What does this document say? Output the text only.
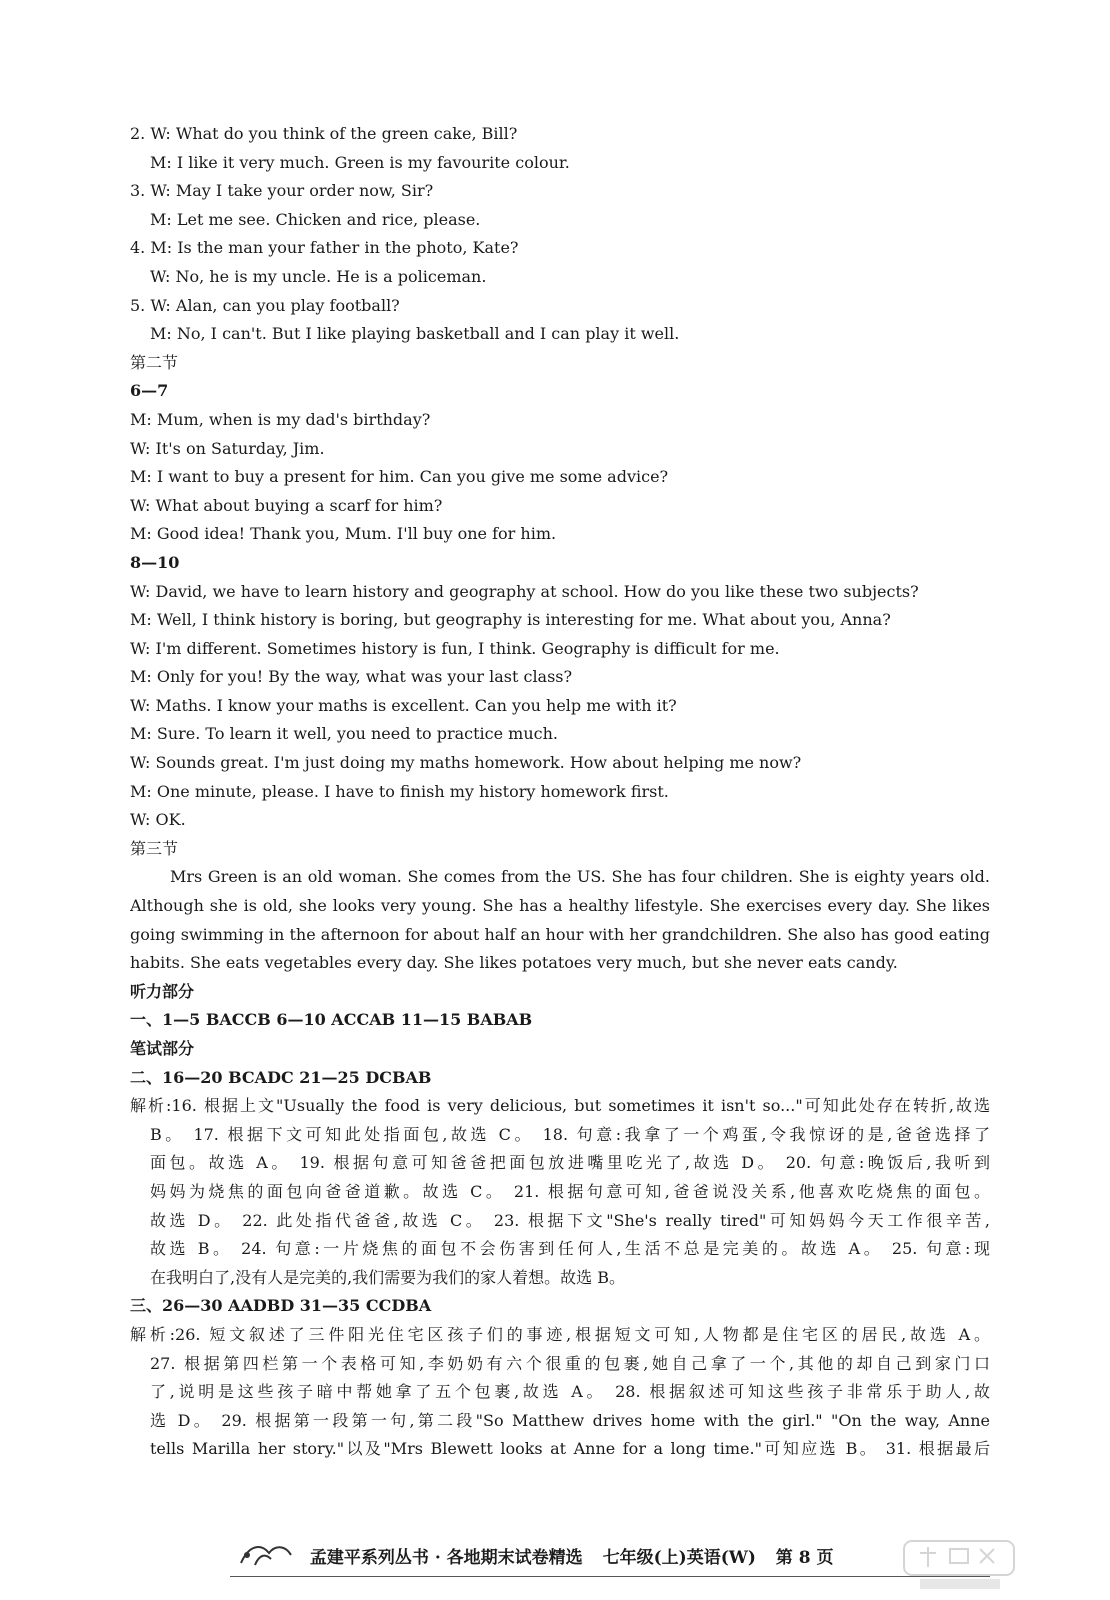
2. W: What do you think of the green cake, Bill?
M: I like it very much. Green is my favourite colour.
3. W: May I take your order now, Sir?
M: Let me see. Chicken and rice, please.
4. M: Is the man your father in the photo, Kate?
W: No, he is my uncle. He is a policeman.
5. W: Alan, can you play football?
M: No, I can't. But I like playing basketball and I can play it well.
第二节
6—7
M: Mum, when is my dad's birthday?
W: It's on Saturday, Jim.
M: I want to buy a present for him. Can you give me some advice?
W: What about buying a scarf for him?
M: Good idea! Thank you, Mum. I'll buy one for him.
8—10
W: David, we have to learn history and geography at school. How do you like these two subjects?
M: Well, I think history is boring, but geography is interesting for me. What about you, Anna?
W: I'm different. Sometimes history is fun, I think. Geography is difficult for me.
M: Only for you! By the way, what was your last class?
W: Maths. I know your maths is excellent. Can you help me with it?
M: Sure. To learn it well, you need to practice much.
W: Sounds great. I'm just doing my maths homework. How about helping me now?
M: One minute, please. I have to finish my history homework first.
W: OK.
第三节
Mrs Green is an old woman. She comes from the US. She has four children. She is eighty years old.
Although she is old, she looks very young. She has a healthy lifestyle. She exercises every day. She likes
going swimming in the afternoon for about half an hour with her grandchildren. She also has good eating
habits. She eats vegetables every day. She likes potatoes very much, but she never eats candy.
听力部分
一、1—5 BACCB 6—10 ACCAB 11—15 BABAB
笔试部分
二、16—20 BCADC 21—25 DCBAB
解析:16. 根据上文"Usually the food is very delicious, but sometimes it isn't so..."可知此处存在转折,故选
B。 17. 根据下文可知此处指面包,故选 C。 18. 句意:我拿了一个鸡蛋,令我惊讶的是,爸爸选择了
面包。故选 A。 19. 根据句意可知爸爸把面包放进嘴里吃光了,故选 D。 20. 句意:晚饭后,我听到
妈妈为烧焦的面包向爸爸道歉。故选 C。 21. 根据句意可知,爸爸说没关系,他喜欢吃烧焦的面包。
故选 D。 22. 此处指代爸爸,故选 C。 23. 根据下文"She's really tired"可知妈妈今天工作很辛苦,
故选 B。 24. 句意:一片烧焦的面包不会伤害到任何人,生活不总是完美的。故选 A。 25. 句意:现
在我明白了,没有人是完美的,我们需要为我们的家人着想。故选 B。
三、26—30 AADBD 31—35 CCDBA
解析:26. 短文叙述了三件阳光住宅区孩子们的事迹,根据短文可知,人物都是住宅区的居民,故选 A。
27. 根据第四栏第一个表格可知,李奶奶有六个很重的包裹,她自己拿了一个,其他的却自己到家门口
了,说明是这些孩子暗中帮她拿了五个包裹,故选 A。 28. 根据叙述可知这些孩子非常乐于助人,故
选 D。 29. 根据第一段第一句,第二段"So Matthew drives home with the girl." "On the way, Anne
tells Marilla her story."以及"Mrs Blewett looks at Anne for a long time."可知应选 B。 31. 根据最后
孟建平系列丛书 · 各地期末试卷精选 七年级(上)英语(W) 第 8 页
